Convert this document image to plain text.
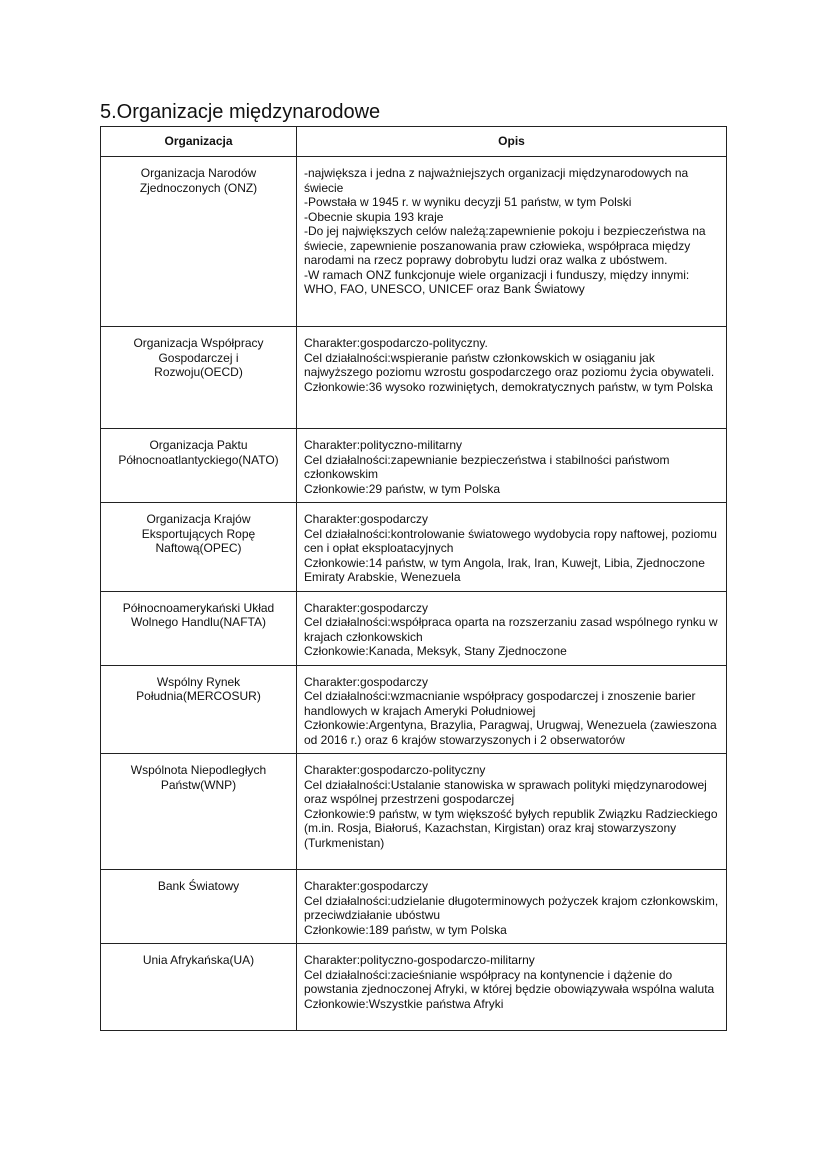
5.Organizacje międzynarodowe
Organizacja	Opis
Organizacja Narodów Zjednoczonych (ONZ)	-największa i jedna z najważniejszych organizacji międzynarodowych na świecie
-Powstała w 1945 r. w wyniku decyzji 51 państw, w tym Polski
-Obecnie skupia 193 kraje
-Do jej największych celów należą:zapewnienie pokoju i bezpieczeństwa na świecie, zapewnienie poszanowania praw człowieka, współpraca między narodami na rzecz poprawy dobrobytu ludzi oraz walka z ubóstwem.
-W ramach ONZ funkcjonuje wiele organizacji i funduszy, między innymi: WHO, FAO, UNESCO, UNICEF oraz Bank Światowy

Organizacja Współpracy Gospodarczej i Rozwoju(OECD)	Charakter:gospodarczo-polityczny.
Cel działalności:wspieranie państw członkowskich w osiąganiu jak najwyższego poziomu wzrostu gospodarczego oraz poziomu życia obywateli.
Członkowie:36 wysoko rozwiniętych, demokratycznych państw, w tym Polska

Organizacja Paktu Północnoatlantyckiego(NATO)	Charakter:polityczno-militarny
Cel działalności:zapewnianie bezpieczeństwa i stabilności państwom członkowskim
Członkowie:29 państw, w tym Polska

Organizacja Krajów Eksportujących Ropę Naftową(OPEC)	Charakter:gospodarczy
Cel działalności:kontrolowanie światowego wydobycia ropy naftowej, poziomu cen i opłat eksploatacyjnych
Członkowie:14 państw, w tym Angola, Irak, Iran, Kuwejt, Libia, Zjednoczone Emiraty Arabskie, Wenezuela

Północnoamerykański Układ Wolnego Handlu(NAFTA)	Charakter:gospodarczy
Cel działalności:współpraca oparta na rozszerzaniu zasad wspólnego rynku w krajach członkowskich
Członkowie:Kanada, Meksyk, Stany Zjednoczone

Wspólny Rynek Południa(MERCOSUR)	Charakter:gospodarczy
Cel działalności:wzmacnianie współpracy gospodarczej i znoszenie barier handlowych w krajach Ameryki Południowej
Członkowie:Argentyna, Brazylia, Paragwaj, Urugwaj, Wenezuela (zawieszona od 2016 r.) oraz 6 krajów stowarzyszonych i 2 obserwatorów

Wspólnota Niepodległych Państw(WNP)	Charakter:gospodarczo-polityczny
Cel działalności:Ustalanie stanowiska w sprawach polityki międzynarodowej oraz wspólnej przestrzeni gospodarczej
Członkowie:9 państw, w tym większość byłych republik Związku Radzieckiego (m.in. Rosja, Białoruś, Kazachstan, Kirgistan) oraz kraj stowarzyszony (Turkmenistan)

Bank Światowy	Charakter:gospodarczy
Cel działalności:udzielanie długoterminowych pożyczek krajom członkowskim, przeciwdziałanie ubóstwu
Członkowie:189 państw, w tym Polska

Unia Afrykańska(UA)	Charakter:polityczno-gospodarczo-militarny
Cel działalności:zacieśnianie współpracy na kontynencie i dążenie do powstania zjednoczonej Afryki, w której będzie obowiązywała wspólna waluta
Członkowie:Wszystkie państwa Afryki
